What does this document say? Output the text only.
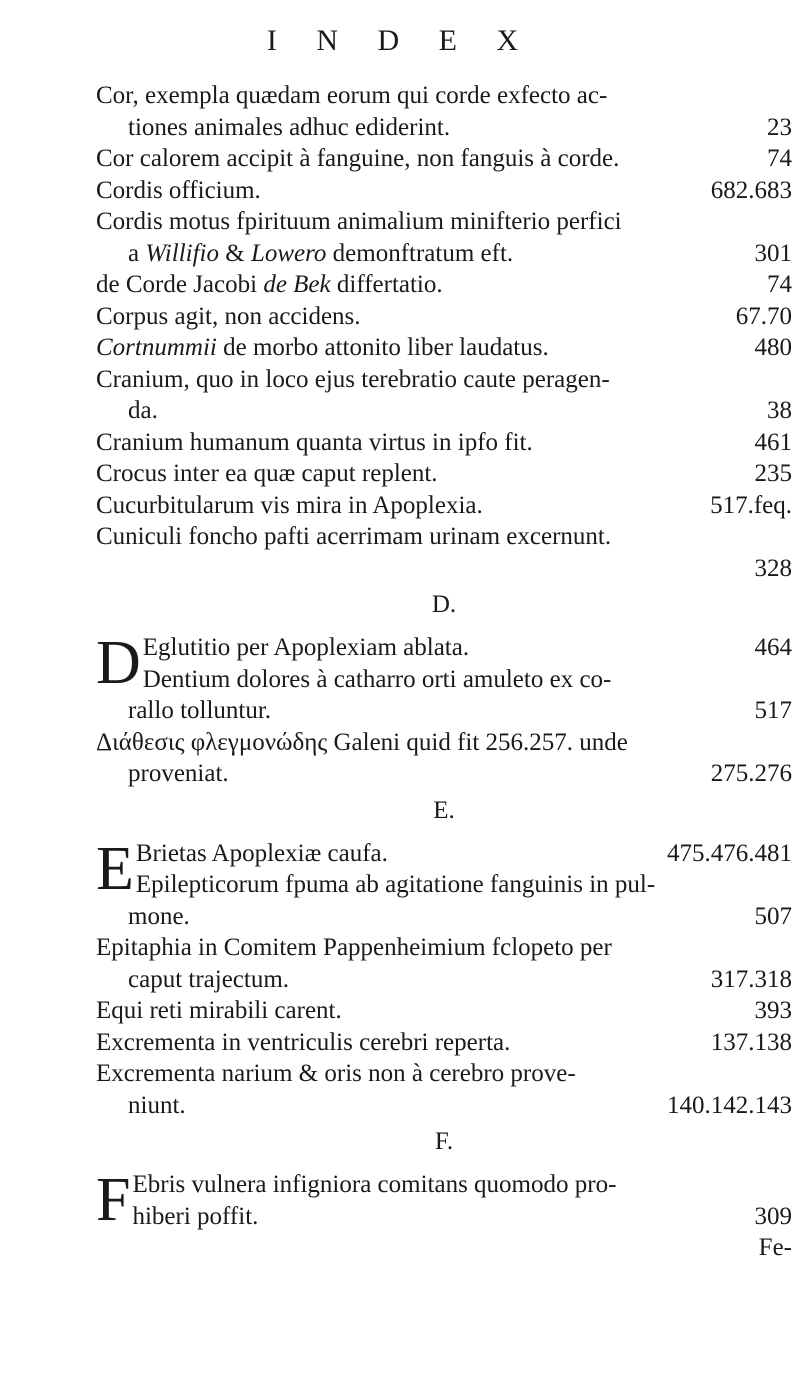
I N D E X
Cor, exempla quædam eorum qui corde exfecto ac-
tiones animales adhuc ediderint.	23
Cor calorem accipit à fanguine, non fanguis à corde.	74
Cordis officium.	682.683
Cordis motus fpirituum animalium minifterio perfici
a Willifio & Lowero demonftratum eft.	301
de Corde Jacobi de Bek differtatio.	74
Corpus agit, non accidens.	67.70
Cortnummii de morbo attonito liber laudatus.	480
Cranium, quo in loco ejus terebratio caute peragen-
da.	38
Cranium humanum quanta virtus in ipfo fit.	461
Crocus inter ea quæ caput replent.	235
Cucurbitularum vis mira in Apoplexia.	517.feq.
Cuniculi foncho pafti acerrimam urinam excernunt.
328
D.
D Eglutitio per Apoplexiam ablata.	464
Dentium dolores à catharro orti amuleto ex co-
rallo tolluntur.	517
Διάθεσις φλεγμονώδης Galeni quid fit 256.257. unde
proveniat.	275.276
E.
E Brietas Apoplexiæ caufa.	475.476.481
Epilepticorum fpuma ab agitatione fanguinis in pul-
mone.	507
Epitaphia in Comitem Pappenheimium fclopeto per
caput trajectum.	317.318
Equi reti mirabili carent.	393
Excrementa in ventriculis cerebri reperta.	137.138
Excrementa narium & oris non à cerebro prove-
niunt.	140.142.143
F.
F Ebris vulnera infigniora comitans quomodo pro-
hiberi poffit.	309
Fe-
